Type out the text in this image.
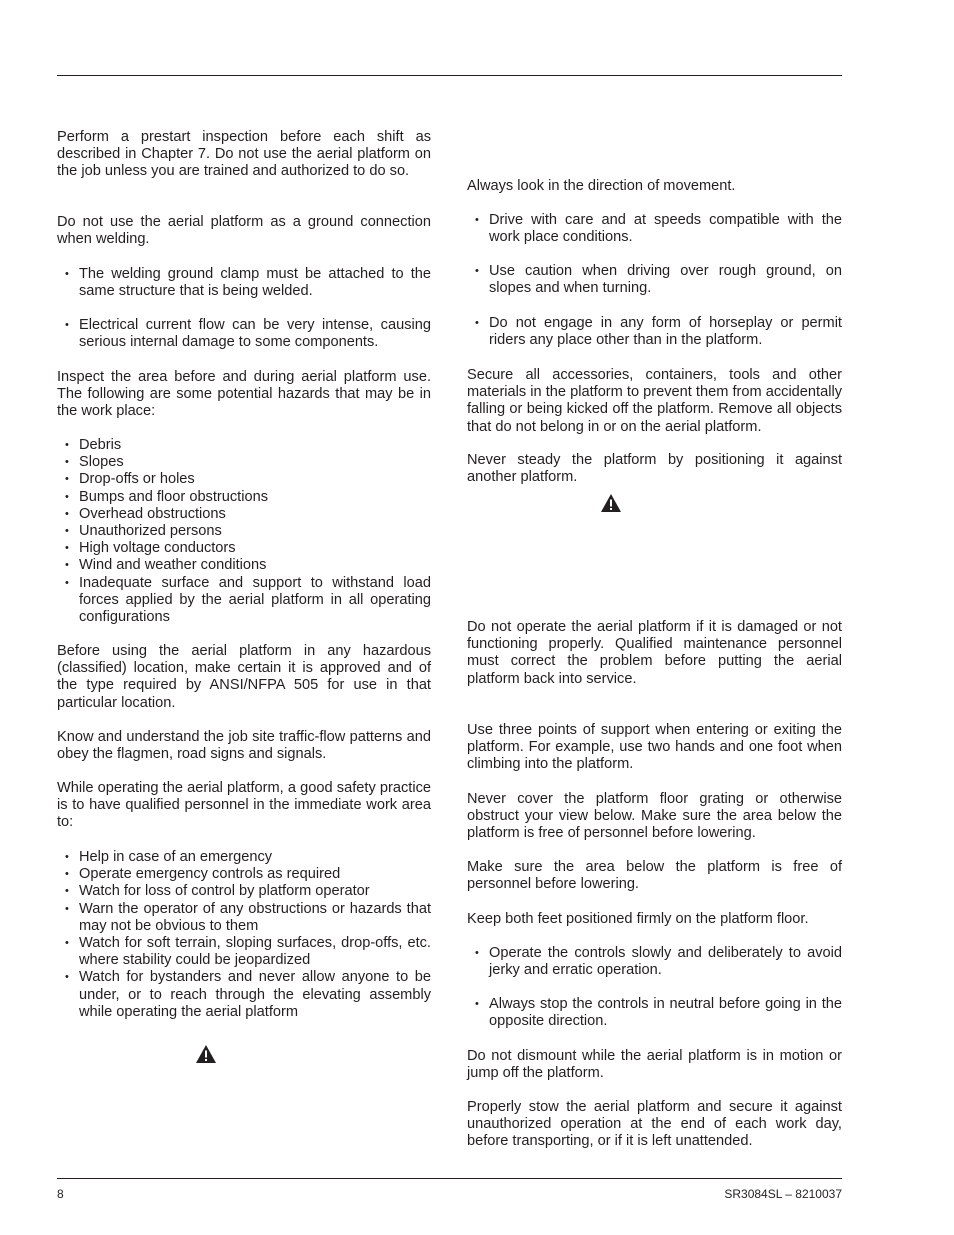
Perform a prestart inspection before each shift as described in Chapter 7. Do not use the aerial platform on the job unless you are trained and authorized to do so.

Do not use the aerial platform as a ground connection when welding.

• The welding ground clamp must be attached to the same structure that is being welded.
• Electrical current flow can be very intense, causing serious internal damage to some components.

Inspect the area before and during aerial platform use. The following are some potential hazards that may be in the work place:

• Debris
• Slopes
• Drop-offs or holes
• Bumps and floor obstructions
• Overhead obstructions
• Unauthorized persons
• High voltage conductors
• Wind and weather conditions
• Inadequate surface and support to withstand load forces applied by the aerial platform in all operating configurations

Before using the aerial platform in any hazardous (classified) location, make certain it is approved and of the type required by ANSI/NFPA 505 for use in that particular location.

Know and understand the job site traffic-flow patterns and obey the flagmen, road signs and signals.

While operating the aerial platform, a good safety practice is to have qualified personnel in the immediate work area to:

• Help in case of an emergency
• Operate emergency controls as required
• Watch for loss of control by platform operator
• Warn the operator of any obstructions or hazards that may not be obvious to them
• Watch for soft terrain, sloping surfaces, drop-offs, etc. where stability could be jeopardized
• Watch for bystanders and never allow anyone to be under, or to reach through the elevating assembly while operating the aerial platform

Always look in the direction of movement.

• Drive with care and at speeds compatible with the work place conditions.
• Use caution when driving over rough ground, on slopes and when turning.
• Do not engage in any form of horseplay or permit riders any place other than in the platform.

Secure all accessories, containers, tools and other materials in the platform to prevent them from accidentally falling or being kicked off the platform. Remove all objects that do not belong in or on the aerial platform.

Never steady the platform by positioning it against another platform.

Do not operate the aerial platform if it is damaged or not functioning properly. Qualified maintenance personnel must correct the problem before putting the aerial platform back into service.

Use three points of support when entering or exiting the platform. For example, use two hands and one foot when climbing into the platform.

Never cover the platform floor grating or otherwise obstruct your view below. Make sure the area below the platform is free of personnel before lowering.

Make sure the area below the platform is free of personnel before lowering.

Keep both feet positioned firmly on the platform floor.

• Operate the controls slowly and deliberately to avoid jerky and erratic operation.
• Always stop the controls in neutral before going in the opposite direction.

Do not dismount while the aerial platform is in motion or jump off the platform.

Properly stow the aerial platform and secure it against unauthorized operation at the end of each work day, before transporting, or if it is left unattended.

8	SR3084SL – 8210037
